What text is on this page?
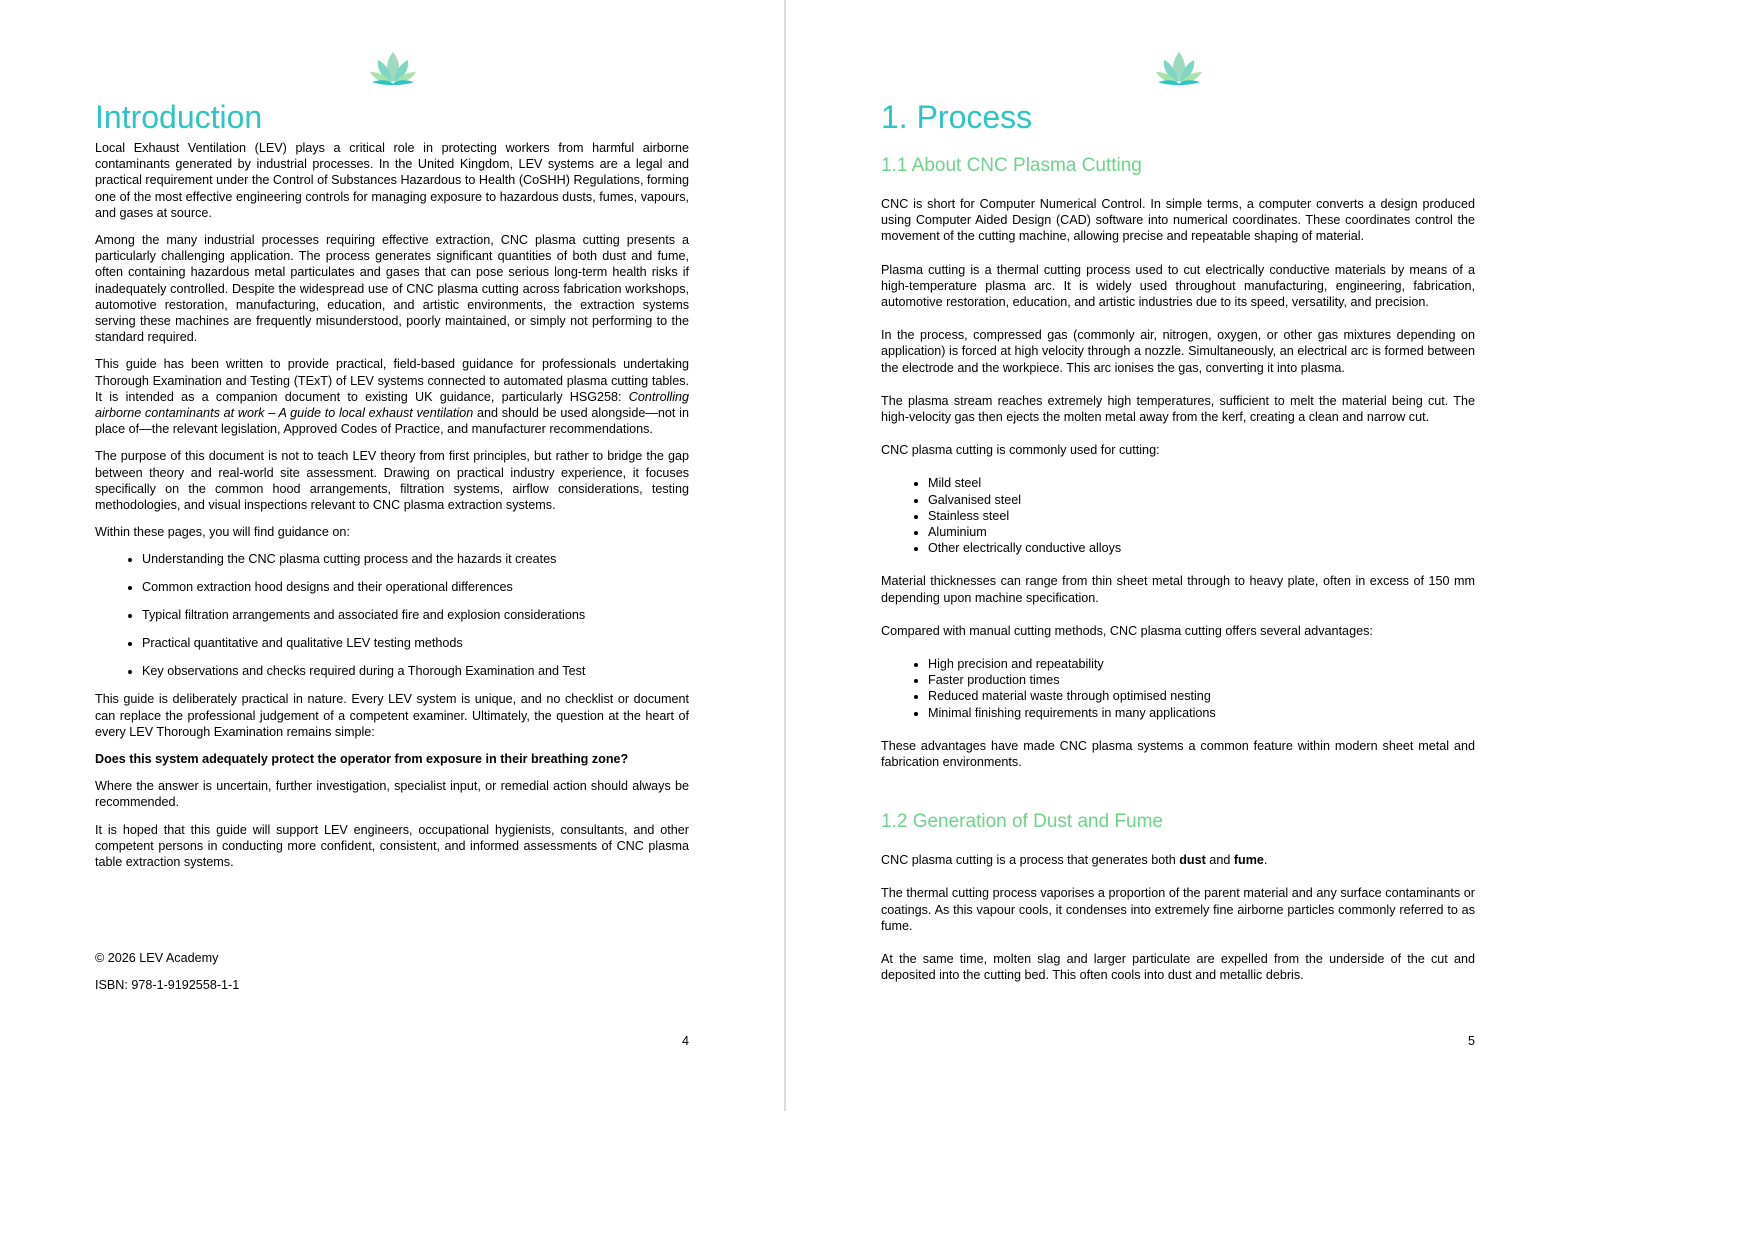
Introduction

Local Exhaust Ventilation (LEV) plays a critical role in protecting workers from harmful airborne contaminants generated by industrial processes. In the United Kingdom, LEV systems are a legal and practical requirement under the Control of Substances Hazardous to Health (CoSHH) Regulations, forming one of the most effective engineering controls for managing exposure to hazardous dusts, fumes, vapours, and gases at source.

Among the many industrial processes requiring effective extraction, CNC plasma cutting presents a particularly challenging application. The process generates significant quantities of both dust and fume, often containing hazardous metal particulates and gases that can pose serious long-term health risks if inadequately controlled. Despite the widespread use of CNC plasma cutting across fabrication workshops, automotive restoration, manufacturing, education, and artistic environments, the extraction systems serving these machines are frequently misunderstood, poorly maintained, or simply not performing to the standard required.

This guide has been written to provide practical, field-based guidance for professionals undertaking Thorough Examination and Testing (TExT) of LEV systems connected to automated plasma cutting tables. It is intended as a companion document to existing UK guidance, particularly HSG258: Controlling airborne contaminants at work – A guide to local exhaust ventilation and should be used alongside—not in place of—the relevant legislation, Approved Codes of Practice, and manufacturer recommendations.

The purpose of this document is not to teach LEV theory from first principles, but rather to bridge the gap between theory and real-world site assessment. Drawing on practical industry experience, it focuses specifically on the common hood arrangements, filtration systems, airflow considerations, testing methodologies, and visual inspections relevant to CNC plasma extraction systems.

Within these pages, you will find guidance on:

• Understanding the CNC plasma cutting process and the hazards it creates
• Common extraction hood designs and their operational differences
• Typical filtration arrangements and associated fire and explosion considerations
• Practical quantitative and qualitative LEV testing methods
• Key observations and checks required during a Thorough Examination and Test

This guide is deliberately practical in nature. Every LEV system is unique, and no checklist or document can replace the professional judgement of a competent examiner. Ultimately, the question at the heart of every LEV Thorough Examination remains simple:

Does this system adequately protect the operator from exposure in their breathing zone?

Where the answer is uncertain, further investigation, specialist input, or remedial action should always be recommended.

It is hoped that this guide will support LEV engineers, occupational hygienists, consultants, and other competent persons in conducting more confident, consistent, and informed assessments of CNC plasma table extraction systems.

© 2026 LEV Academy
ISBN: 978-1-9192558-1-1
4
1. Process
1.1 About CNC Plasma Cutting

CNC is short for Computer Numerical Control. In simple terms, a computer converts a design produced using Computer Aided Design (CAD) software into numerical coordinates. These coordinates control the movement of the cutting machine, allowing precise and repeatable shaping of material.

Plasma cutting is a thermal cutting process used to cut electrically conductive materials by means of a high-temperature plasma arc. It is widely used throughout manufacturing, engineering, fabrication, automotive restoration, education, and artistic industries due to its speed, versatility, and precision.

In the process, compressed gas (commonly air, nitrogen, oxygen, or other gas mixtures depending on application) is forced at high velocity through a nozzle. Simultaneously, an electrical arc is formed between the electrode and the workpiece. This arc ionises the gas, converting it into plasma.

The plasma stream reaches extremely high temperatures, sufficient to melt the material being cut. The high-velocity gas then ejects the molten metal away from the kerf, creating a clean and narrow cut.

CNC plasma cutting is commonly used for cutting:

• Mild steel
• Galvanised steel
• Stainless steel
• Aluminium
• Other electrically conductive alloys

Material thicknesses can range from thin sheet metal through to heavy plate, often in excess of 150 mm depending upon machine specification.

Compared with manual cutting methods, CNC plasma cutting offers several advantages:

• High precision and repeatability
• Faster production times
• Reduced material waste through optimised nesting
• Minimal finishing requirements in many applications

These advantages have made CNC plasma systems a common feature within modern sheet metal and fabrication environments.

1.2 Generation of Dust and Fume

CNC plasma cutting is a process that generates both dust and fume.

The thermal cutting process vaporises a proportion of the parent material and any surface contaminants or coatings. As this vapour cools, it condenses into extremely fine airborne particles commonly referred to as fume.

At the same time, molten slag and larger particulate are expelled from the underside of the cut and deposited into the cutting bed. This often cools into dust and metallic debris.

5
